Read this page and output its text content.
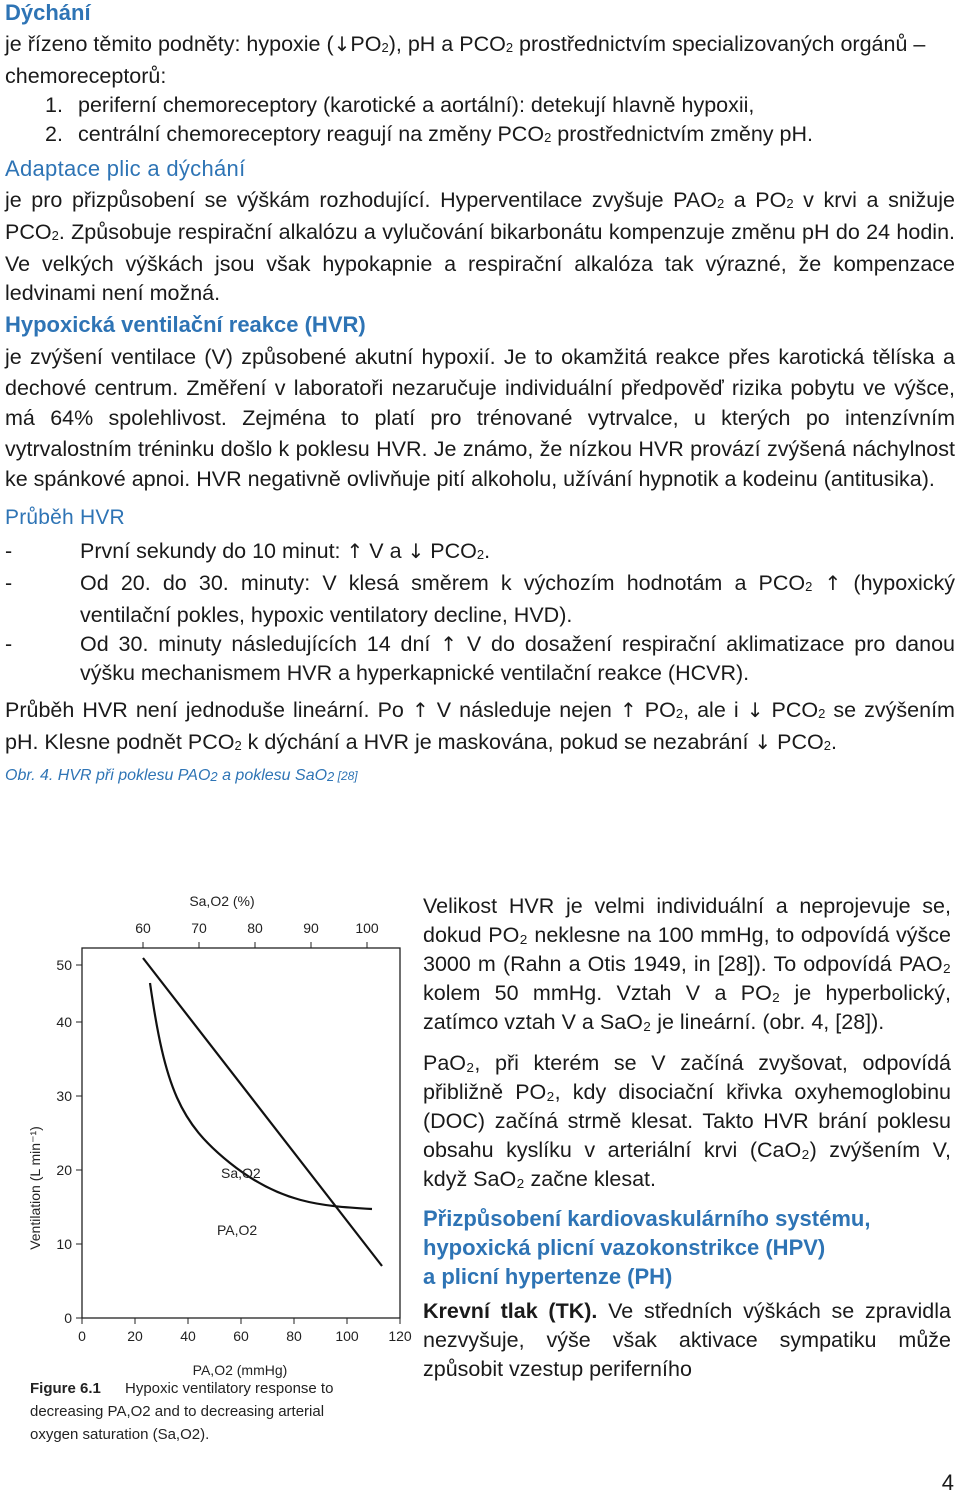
Dýchání

je řízeno těmito podněty: hypoxie $(↓PO_2)$, pH a $PCO_2$ prostřednictvím specializovaných orgánů – chemoreceptorů:

1. periferní chemoreceptory (karotické a aortální): detekují hlavně hypoxii,
2. centrální chemoreceptory reagují na změny $PCO_2$ prostřednictvím změny pH.

Adaptace plic a dýchání

je pro přizpůsobení se výškám rozhodující. Hyperventilace zvyšuje $PAO_2$ a $PO_2$ v krvi a snižuje $PCO_2$. Způsobuje respirační alkalózu a vylučování bikarbonátu kompenzuje změnu pH do 24 hodin. Ve velkých výškách jsou však hypokapnie a respirační alkalóza tak výrazné, že kompenzace ledvinami není možná.

Hypoxická ventilační reakce (HVR)

je zvýšení ventilace (V) způsobené akutní hypoxií. Je to okamžitá reakce přes karotická tělíska a dechové centrum. Změření v laboratoři nezaručuje individuální předpověď rizika pobytu ve výšce, má 64% spolehlivost. Zejména to platí pro trénované vytrvalce, u kterých po intenzívním vytrvalostním tréninku došlo k poklesu HVR. Je známo, že nízkou HVR provází zvýšená náchylnost ke spánkové apnoi. HVR negativně ovlivňuje pití alkoholu, užívání hypnotik a kodeinu (antitusika).

Průběh HVR

-	První sekundy do 10 minut: ↑ V a ↓ $PCO_2$.
-	Od 20. do 30. minuty: V klesá směrem k výchozím hodnotám a $PCO_2$ ↑ (hypoxický ventilační pokles, hypoxic ventilatory decline, HVD).
-	Od 30. minuty následujících 14 dní ↑ V do dosažení respirační aklimatizace pro danou výšku mechanismem HVR a hyperkapnické ventilační reakce (HCVR).

Průběh HVR není jednoduše lineární. Po ↑ V následuje nejen ↑ $PO_2$, ale i ↓ $PCO_2$ se zvýšením pH. Klesne podnět $PCO_2$ k dýchání a HVR je maskována, pokud se nezabrání ↓ $PCO_2$.

Obr. 4. HVR při poklesu $PAO_2$ a poklesu SaO$_2$ [28]

Sa,O2 (%)
60	70	80	90	100
0
10
20
30
40
50
Ventilation (L min⁻¹)
0	20	40	60	80 100 120
PA,O2 (mmHg)
Sa,O2
PA,O2
Figure 6.1 Hypoxic ventilatory response to
decreasing PA,O2 and to decreasing arterial
oxygen saturation (Sa,O2).

Velikost HVR je velmi individuální a neprojevuje se, dokud PO₂ neklesne na 100 mmHg, to odpovídá výšce 3000 m (Rahn a Otis 1949, in [28]). To odpovídá PAO₂ kolem 50 mmHg. Vztah V a PO₂ je hyperbolický, zatímco vztah V a SaO₂ je lineární. (obr. 4, [28]).

PaO₂, při kterém se V začíná zvyšovat, odpovídá přibližně PO₂, kdy disociační křivka oxyhemoglobinu (DOC) začíná strmě klesat. Takto HVR brání poklesu obsahu kyslíku v arteriální krvi (CaO₂) zvýšením V, když SaO₂ začne klesat.

Přizpůsobení kardiovaskulárního systému,
hypoxická plicní vazokonstrikce (HPV)
a plicní hypertenze (PH)

Krevní tlak (TK). Ve středních výškách se zpravidla nezvyšuje, výše však aktivace sympatiku může způsobit vzestup periferního

4
